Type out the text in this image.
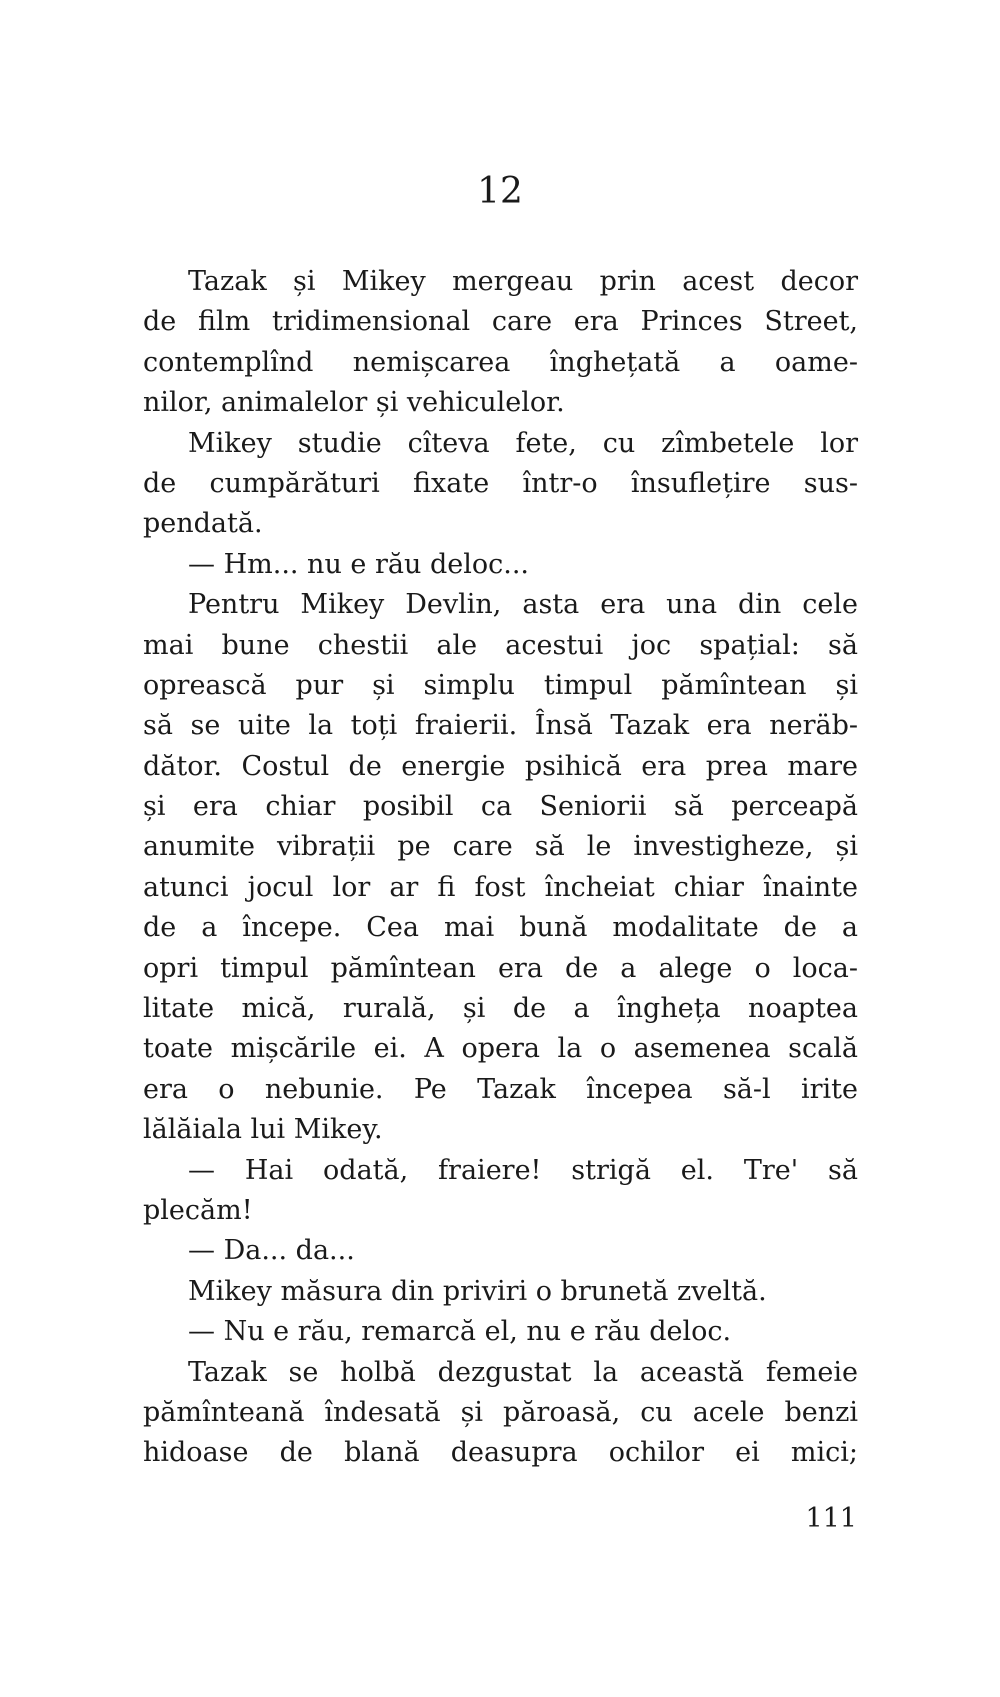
12
Tazak și Mikey mergeau prin acest decor
de film tridimensional care era Princes Street,
contemplînd nemișcarea înghețată a oame-
nilor, animalelor și vehiculelor.
Mikey studie cîteva fete, cu zîmbetele lor
de cumpărături fixate într-o însuflețire sus-
pendată.
— Hm... nu e rău deloc...
Pentru Mikey Devlin, asta era una din cele
mai bune chestii ale acestui joc spațial: să
oprească pur și simplu timpul pămîntean și
să se uite la toți fraierii. Însă Tazak era neräb-
dător. Costul de energie psihică era prea mare
și era chiar posibil ca Seniorii să perceapă
anumite vibrații pe care să le investigheze, și
atunci jocul lor ar fi fost încheiat chiar înainte
de a începe. Cea mai bună modalitate de a
opri timpul pămîntean era de a alege o loca-
litate mică, rurală, și de a îngheța noaptea
toate mișcările ei. A opera la o asemenea scală
era o nebunie. Pe Tazak începea să-l irite
lălăiala lui Mikey.
— Hai odată, fraiere! strigă el. Tre' să
plecăm!
— Da... da...
Mikey măsura din priviri o brunetă zveltă.
— Nu e rău, remarcă el, nu e rău deloc.
Tazak se holbă dezgustat la această femeie
pămînteană îndesată și păroasă, cu acele benzi
hidoase de blană deasupra ochilor ei mici;
111
